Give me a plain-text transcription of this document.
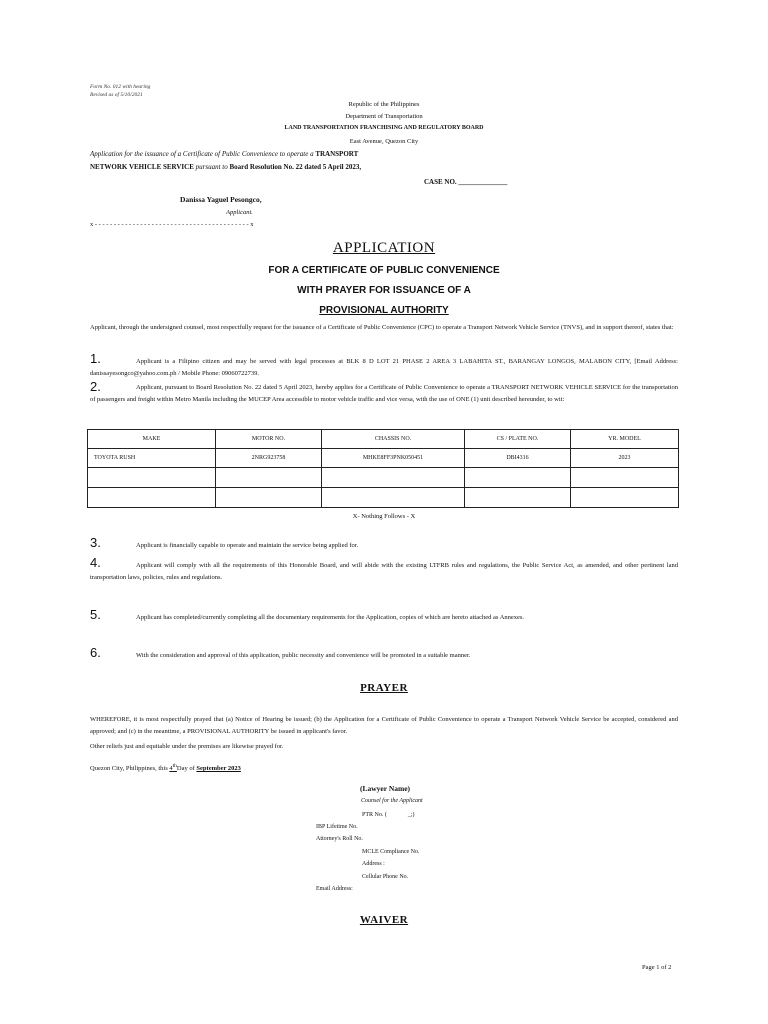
Form No. 012 with hearing
Revised as of 5/10/2021
Republic of the Philippines
Department of Transportation
LAND TRANSPORTATION FRANCHISING AND REGULATORY BOARD
East Avenue, Quezon City
Application for the issuance of a Certificate of Public Convenience to operate a TRANSPORT
NETWORK VEHICLE SERVICE pursuant to Board Resolution No. 22 dated 5 April 2023,
CASE NO. ______________
Danissa Yaguel Pesongco,
Applicant.
x - - - - - - - - - - - - - - - - - - - - - - - - - - - - - - - - - - - - - - - - - x
APPLICATION
FOR A CERTIFICATE OF PUBLIC CONVENIENCE
WITH PRAYER FOR ISSUANCE OF A
PROVISIONAL AUTHORITY
Applicant, through the undersigned counsel, most respectfully request for the issuance of a Certificate of Public Convenience (CPC) to operate a Transport Network Vehicle Service (TNVS), and in support thereof, states that:
1.	Applicant is a Filipino citizen and may be served with legal processes at BLK 8 D LOT 21 PHASE 2 AREA 3 LABAHITA ST., BARANGAY LONGOS, MALABON CITY, [Email Address: danissayesongco@yahoo.com.ph / Mobile Phone: 09060722739.
2.	Applicant, pursuant to Board Resolution No. 22 dated 5 April 2023, hereby applies for a Certificate of Public Convenience to operate a TRANSPORT NETWORK VEHICLE SERVICE for the transportation of passengers and freight within Metro Manila including the MUCEP Area accessible to motor vehicle traffic and vice versa, with the use of ONE (1) unit described hereunder, to wit:
MAKE	MOTOR NO.	CHASSIS NO.	CS / PLATE NO.	YR. MODEL
TOYOTA RUSH	2NRG923758	MHKE8FF3PNK050451	DBI4316	2023

X- Nothing Follows - X
3.	Applicant is financially capable to operate and maintain the service being applied for.
4.	Applicant will comply with all the requirements of this Honorable Board, and will abide with the existing LTFRB rules and regulations, the Public Service Act, as amended, and other pertinent land transportation laws, policies, rules and regulations.
5.	Applicant has completed/currently completing all the documentary requirements for the Application, copies of which are hereto attached as Annexes.
6.	With the consideration and approval of this application, public necessity and convenience will be promoted in a suitable manner.
PRAYER
WHEREFORE, it is most respectfully prayed that (a) Notice of Hearing be issued; (b) the Application for a Certificate of Public Convenience to operate a Transport Network Vehicle Service be accepted, considered and approved; and (c) in the meantime, a PROVISIONAL AUTHORITY be issued in applicant's favor.
Other reliefs just and equitable under the premises are likewise prayed for.
Quezon City, Philippines, this 4thDay of September 2023
(Lawyer Name)
Counsel for the Applicant
PTR No. (              _;)
IBP Lifetime No.
Attorney's Roll No.
MCLE Compliance No.
Address :
Cellular Phone No.
Email Address:
WAIVER
Page 1 of 2
